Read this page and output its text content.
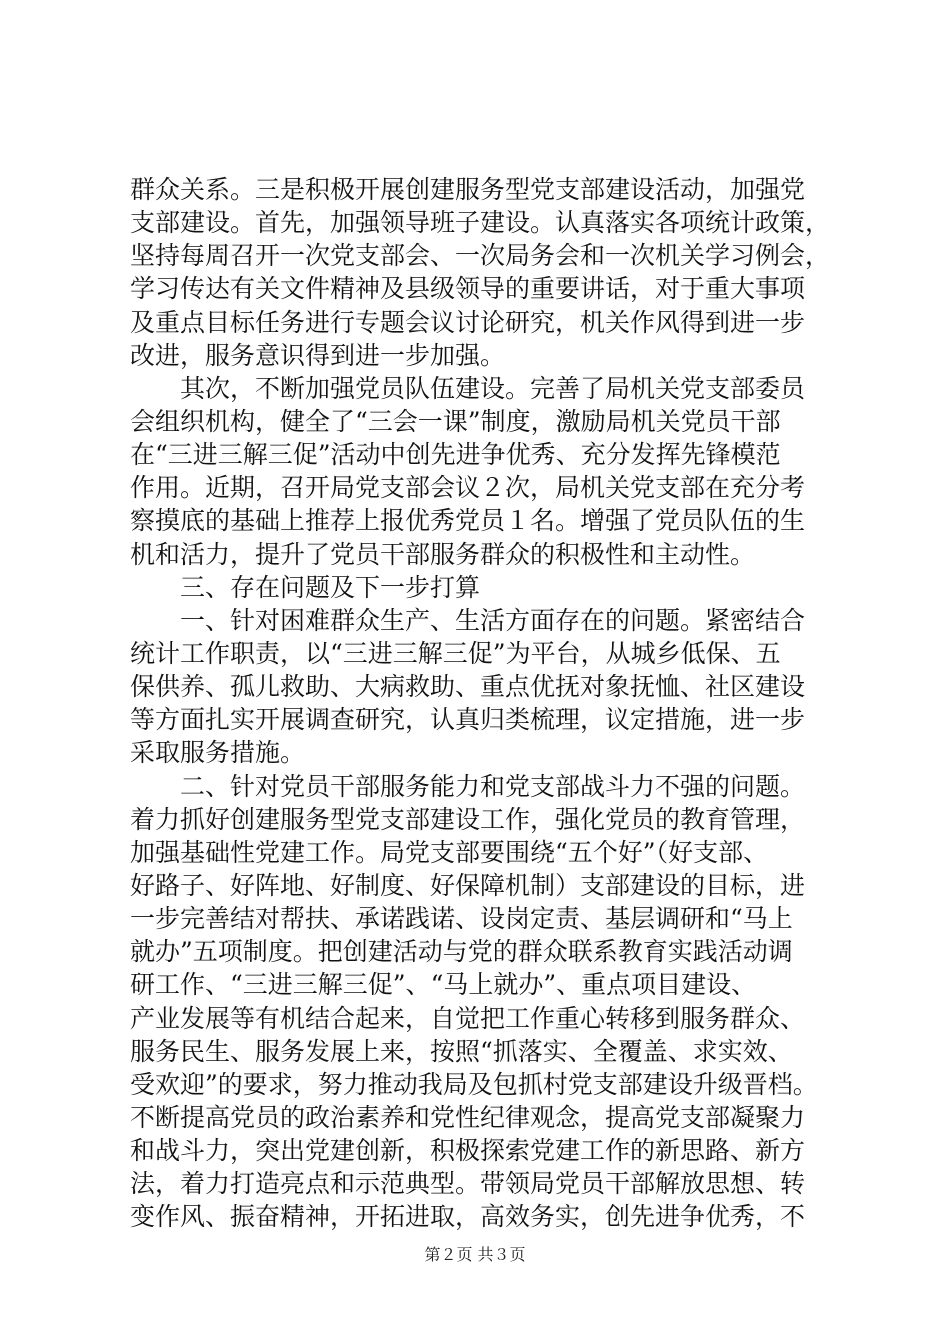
群众关系。三是积极开展创建服务型党支部建设活动，加强党
支部建设。首先，加强领导班子建设。认真落实各项统计政策，
坚持每周召开一次党支部会、一次局务会和一次机关学习例会，
学习传达有关文件精神及县级领导的重要讲话，对于重大事项
及重点目标任务进行专题会议讨论研究，机关作风得到进一步
改进，服务意识得到进一步加强。
其次，不断加强党员队伍建设。完善了局机关党支部委员
会组织机构，健全了“三会一课”制度，激励局机关党员干部
在“三进三解三促”活动中创先进争优秀、充分发挥先锋模范
作用。近期，召开局党支部会议２次，局机关党支部在充分考
察摸底的基础上推荐上报优秀党员１名。增强了党员队伍的生
机和活力，提升了党员干部服务群众的积极性和主动性。
三、存在问题及下一步打算
一、针对困难群众生产、生活方面存在的问题。紧密结合
统计工作职责，以“三进三解三促”为平台，从城乡低保、五
保供养、孤儿救助、大病救助、重点优抚对象抚恤、社区建设
等方面扎实开展调查研究，认真归类梳理，议定措施，进一步
采取服务措施。
二、针对党员干部服务能力和党支部战斗力不强的问题。
着力抓好创建服务型党支部建设工作，强化党员的教育管理，
加强基础性党建工作。局党支部要围绕“五个好”（好支部、
好路子、好阵地、好制度、好保障机制）支部建设的目标，进
一步完善结对帮扶、承诺践诺、设岗定责、基层调研和“马上
就办”五项制度。把创建活动与党的群众联系教育实践活动调
研工作、“三进三解三促”、“马上就办”、重点项目建设、
产业发展等有机结合起来，自觉把工作重心转移到服务群众、
服务民生、服务发展上来，按照“抓落实、全覆盖、求实效、
受欢迎”的要求，努力推动我局及包抓村党支部建设升级晋档。
不断提高党员的政治素养和党性纪律观念，提高党支部凝聚力
和战斗力，突出党建创新，积极探索党建工作的新思路、新方
法，着力打造亮点和示范典型。带领局党员干部解放思想、转
变作风、振奋精神，开拓进取，高效务实，创先进争优秀，不
第２页 共３页
